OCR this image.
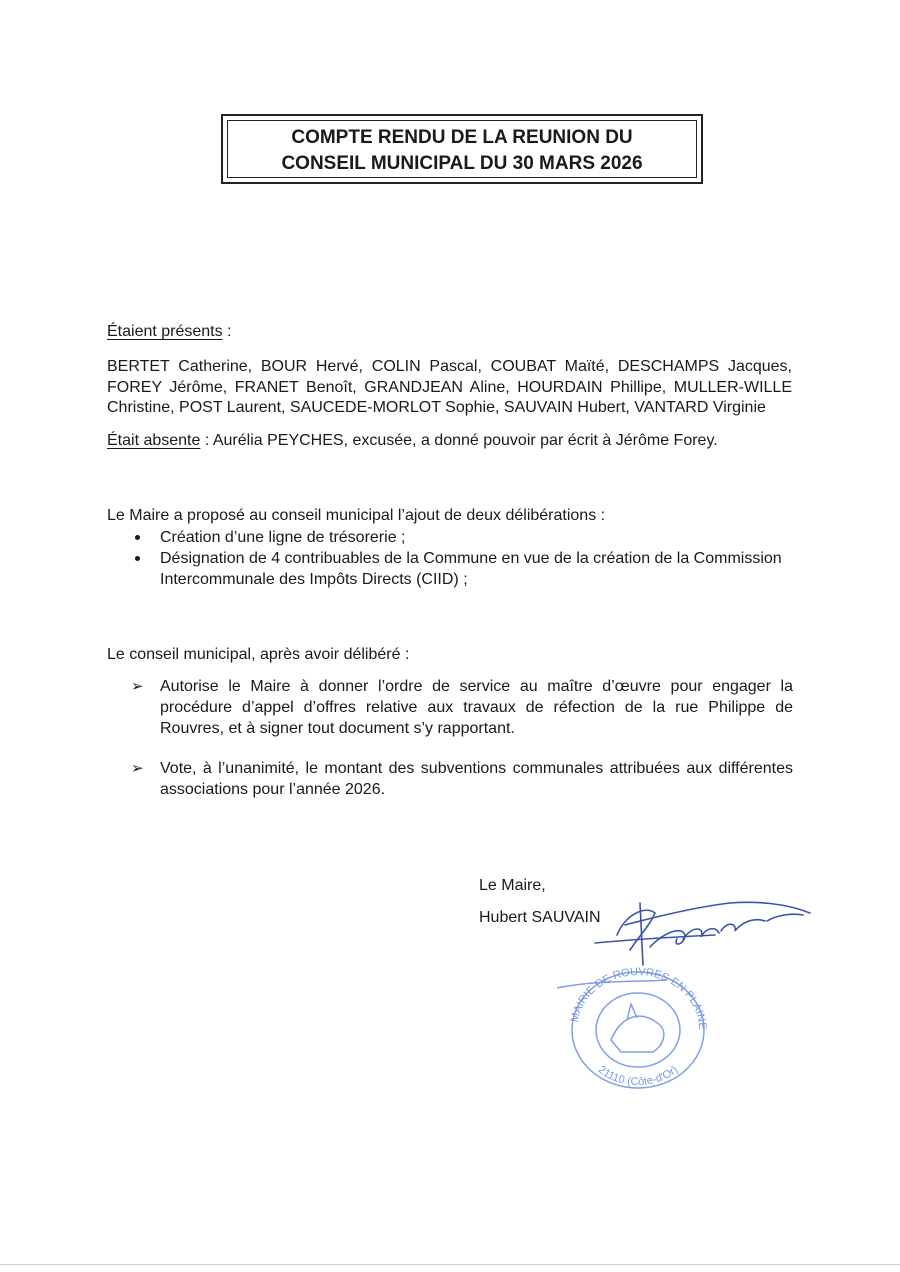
COMPTE RENDU DE LA REUNION DU
CONSEIL MUNICIPAL DU 30 MARS 2026
Étaient présents :
BERTET Catherine, BOUR Hervé, COLIN Pascal, COUBAT Maïté, DESCHAMPS Jacques,
FOREY Jérôme, FRANET Benoît, GRANDJEAN Aline, HOURDAIN Phillipe, MULLER-WILLE
Christine, POST Laurent, SAUCEDE-MORLOT Sophie, SAUVAIN Hubert, VANTARD Virginie
Était absente : Aurélia PEYCHES, excusée, a donné pouvoir par écrit à Jérôme Forey.
Le Maire a proposé au conseil municipal l’ajout de deux délibérations :
Création d’une ligne de trésorerie ;
Désignation de 4 contribuables de la Commune en vue de la création de la Commission Intercommunale des Impôts Directs (CIID) ;
Le conseil municipal, après avoir délibéré :
➢ Autorise le Maire à donner l’ordre de service au maître d’œuvre pour engager la procédure d’appel d’offres relative aux travaux de réfection de la rue Philippe de Rouvres, et à signer tout document s’y rapportant.
➢ Vote, à l’unanimité, le montant des subventions communales attribuées aux différentes associations pour l’année 2026.
Le Maire,
Hubert SAUVAIN
MAIRIE DE ROUVRES EN PLAINE
21110 (Côte-d'Or)
